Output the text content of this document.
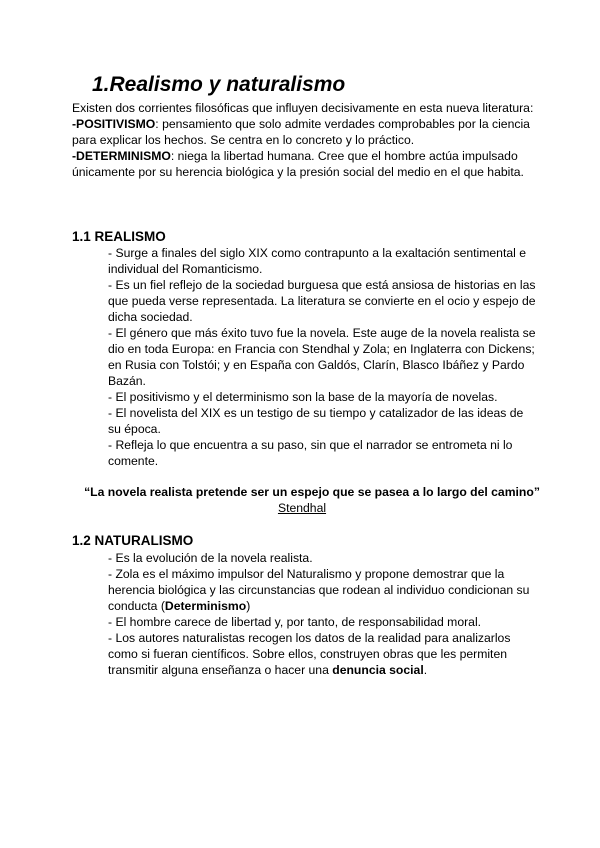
1.Realismo y naturalismo

Existen dos corrientes filosóficas que influyen decisivamente en esta nueva literatura:

-POSITIVISMO: pensamiento que solo admite verdades comprobables por la ciencia para explicar los hechos. Se centra en lo concreto y lo práctico.

-DETERMINISMO: niega la libertad humana. Cree que el hombre actúa impulsado únicamente por su herencia biológica y la presión social del medio en el que habita.

1.1 REALISMO

- Surge a finales del siglo XIX como contrapunto a la exaltación sentimental e individual del Romanticismo.

- Es un fiel reflejo de la sociedad burguesa que está ansiosa de historias en las que pueda verse representada. La literatura se convierte en el ocio y espejo de dicha sociedad.

- El género que más éxito tuvo fue la novela. Este auge de la novela realista se dio en toda Europa: en Francia con Stendhal y Zola; en Inglaterra con Dickens; en Rusia con Tolstói; y en España con Galdós, Clarín, Blasco Ibáñez y Pardo Bazán.

- El positivismo y el determinismo son la base de la mayoría de novelas.

- El novelista del XIX es un testigo de su tiempo y catalizador de las ideas de su época.

- Refleja lo que encuentra a su paso, sin que el narrador se entrometa ni lo comente.

“La novela realista pretende ser un espejo que se pasea a lo largo del camino”
Stendhal
1.2 NATURALISMO

- Es la evolución de la novela realista.

- Zola es el máximo impulsor del Naturalismo y propone demostrar que la herencia biológica y las circunstancias que rodean al individuo condicionan su conducta (Determinismo)

- El hombre carece de libertad y, por tanto, de responsabilidad moral.

- Los autores naturalistas recogen los datos de la realidad para analizarlos como si fueran científicos. Sobre ellos, construyen obras que les permiten transmitir alguna enseñanza o hacer una denuncia social.
